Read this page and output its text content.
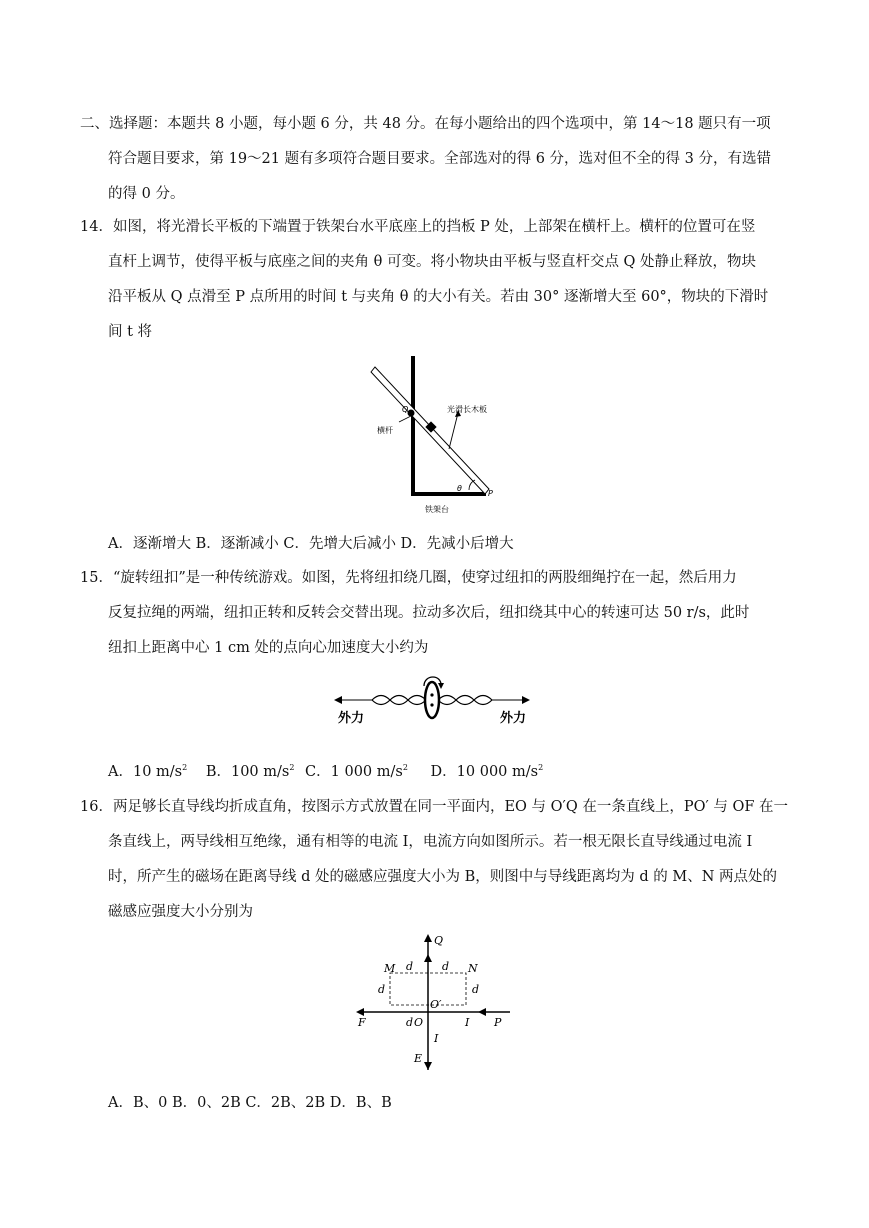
二、选择题：本题共 8 小题，每小题 6 分，共 48 分。在每小题给出的四个选项中，第 14～18 题只有一项
符合题目要求，第 19～21 题有多项符合题目要求。全部选对的得 6 分，选对但不全的得 3 分，有选错
的得 0 分。
14．如图，将光滑长平板的下端置于铁架台水平底座上的挡板 P 处，上部架在横杆上。横杆的位置可在竖
直杆上调节，使得平板与底座之间的夹角 θ 可变。将小物块由平板与竖直杆交点 Q 处静止释放，物块
沿平板从 Q 点滑至 P 点所用的时间 t 与夹角 θ 的大小有关。若由 30° 逐渐增大至 60°，物块的下滑时
间 t 将
Q
横杆
光滑长木板
θ
P
铁架台
A．逐渐增大 B．逐渐减小 C．先增大后减小 D．先减小后增大
15．“旋转纽扣”是一种传统游戏。如图，先将纽扣绕几圈，使穿过纽扣的两股细绳拧在一起，然后用力
反复拉绳的两端，纽扣正转和反转会交替出现。拉动多次后，纽扣绕其中心的转速可达 50 r/s，此时
纽扣上距离中心 1 cm 处的点向心加速度大小约为
外力	外力
A．10 $m/s^2$ B．100 $m/s^2$ C．1 000 $m/s^2$ D．10 000 $m/s^2$
16．两足够长直导线均折成直角，按图示方式放置在同一平面内，EO 与 O′Q 在一条直线上，PO′ 与 OF 在一
条直线上，两导线相互绝缘，通有相等的电流 I，电流方向如图所示。若一根无限长直导线通过电流 I
时，所产生的磁场在距离导线 d 处的磁感应强度大小为 B，则图中与导线距离均为 d 的 M、N 两点处的
磁感应强度大小分别为
Q
M d	d N
d	d
O′
F	d O	I P
I
E
A．B、0 B．0、2B C．2B、2B D．B、B
